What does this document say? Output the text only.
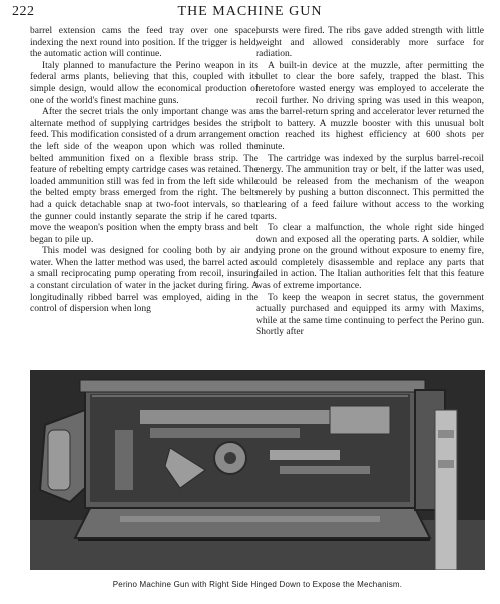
222	THE MACHINE GUN

barrel extension cams the feed tray over one space, indexing the next round into position. If the trigger is held, the automatic action will continue.

Italy planned to manufacture the Perino weapon in its federal arms plants, believing that this, coupled with its simple design, would allow the economical production of one of the world's finest machine guns.

After the secret trials the only important change was an alternate method of supplying cartridges besides the strip feed. This modification consisted of a drum arrangement on the left side of the weapon upon which was rolled the belted ammunition fixed on a flexible brass strip. The feature of rebelting empty cartridge cases was retained. The loaded ammunition still was fed in from the left side while the belted empty brass emerged from the right. The belts had a quick detachable snap at two-foot intervals, so that the gunner could instantly separate the strip if he cared to move the weapon's position when the empty brass and belt began to pile up.

This model was designed for cooling both by air and water. When the latter method was used, the barrel acted as a small reciprocating pump operating from recoil, insuring a constant circulation of water in the jacket during firing. A longitudinally ribbed barrel was employed, aiding in the control of dispersion when long

bursts were fired. The ribs gave added strength with little weight and allowed considerably more surface for radiation.

A built-in device at the muzzle, after permitting the bullet to clear the bore safely, trapped the blast. This heretofore wasted energy was employed to accelerate the recoil further. No driving spring was used in this weapon, as the barrel-return spring and accelerator lever returned the bolt to battery. A muzzle booster with this unusual bolt action reached its highest efficiency at 600 shots per minute.

The cartridge was indexed by the surplus barrel-recoil energy. The ammunition tray or belt, if the latter was used, could be released from the mechanism of the weapon merely by pushing a button disconnect. This permitted the clearing of a feed failure without access to the working parts.

To clear a malfunction, the whole right side hinged down and exposed all the operating parts. A soldier, while lying prone on the ground without exposure to enemy fire, could completely disassemble and replace any parts that failed in action. The Italian authorities felt that this feature was of extreme importance.

To keep the weapon in secret status, the government actually purchased and equipped its army with Maxims, while at the same time continuing to perfect the Perino gun. Shortly after

Perino Machine Gun with Right Side Hinged Down to Expose the Mechanism.
